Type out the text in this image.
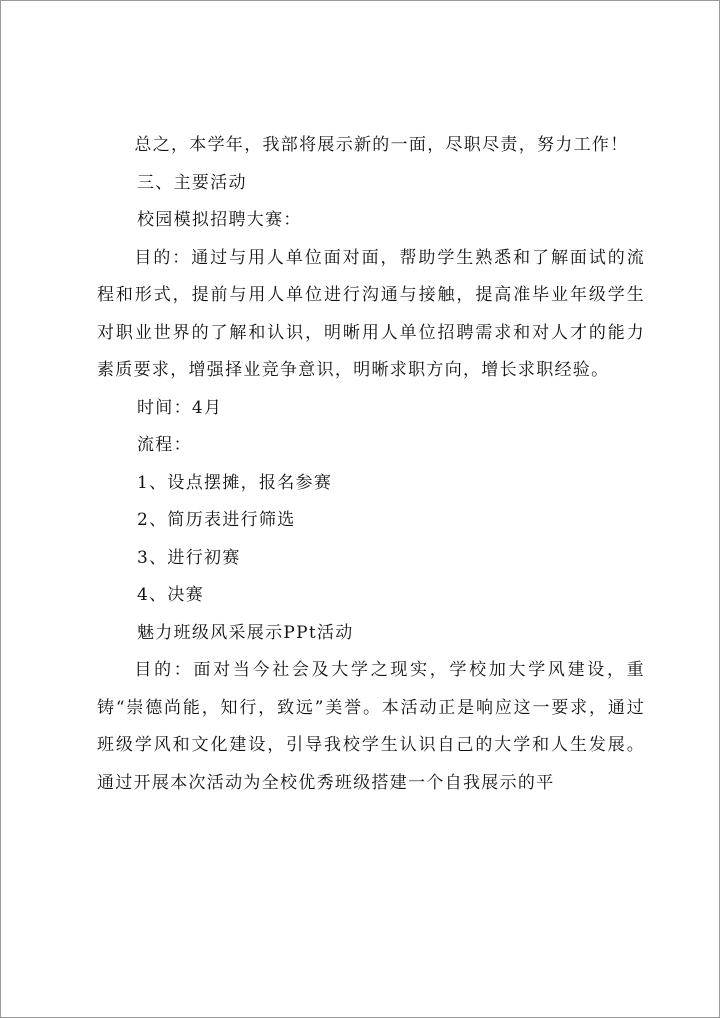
总之，本学年，我部将展示新的一面，尽职尽责，努力工作！

三、主要活动

校园模拟招聘大赛：

目的：通过与用人单位面对面，帮助学生熟悉和了解面试的流程和形式，提前与用人单位进行沟通与接触，提高准毕业年级学生对职业世界的了解和认识，明晰用人单位招聘需求和对人才的能力素质要求，增强择业竞争意识，明晰求职方向，增长求职经验。

时间：4月

流程：

1、设点摆摊，报名参赛

2、简历表进行筛选

3、进行初赛

4、决赛

魅力班级风采展示PPt活动

目的：面对当今社会及大学之现实，学校加大学风建设，重铸“崇德尚能，知行，致远”美誉。本活动正是响应这一要求，通过班级学风和文化建设，引导我校学生认识自己的大学和人生发展。通过开展本次活动为全校优秀班级搭建一个自我展示的平
